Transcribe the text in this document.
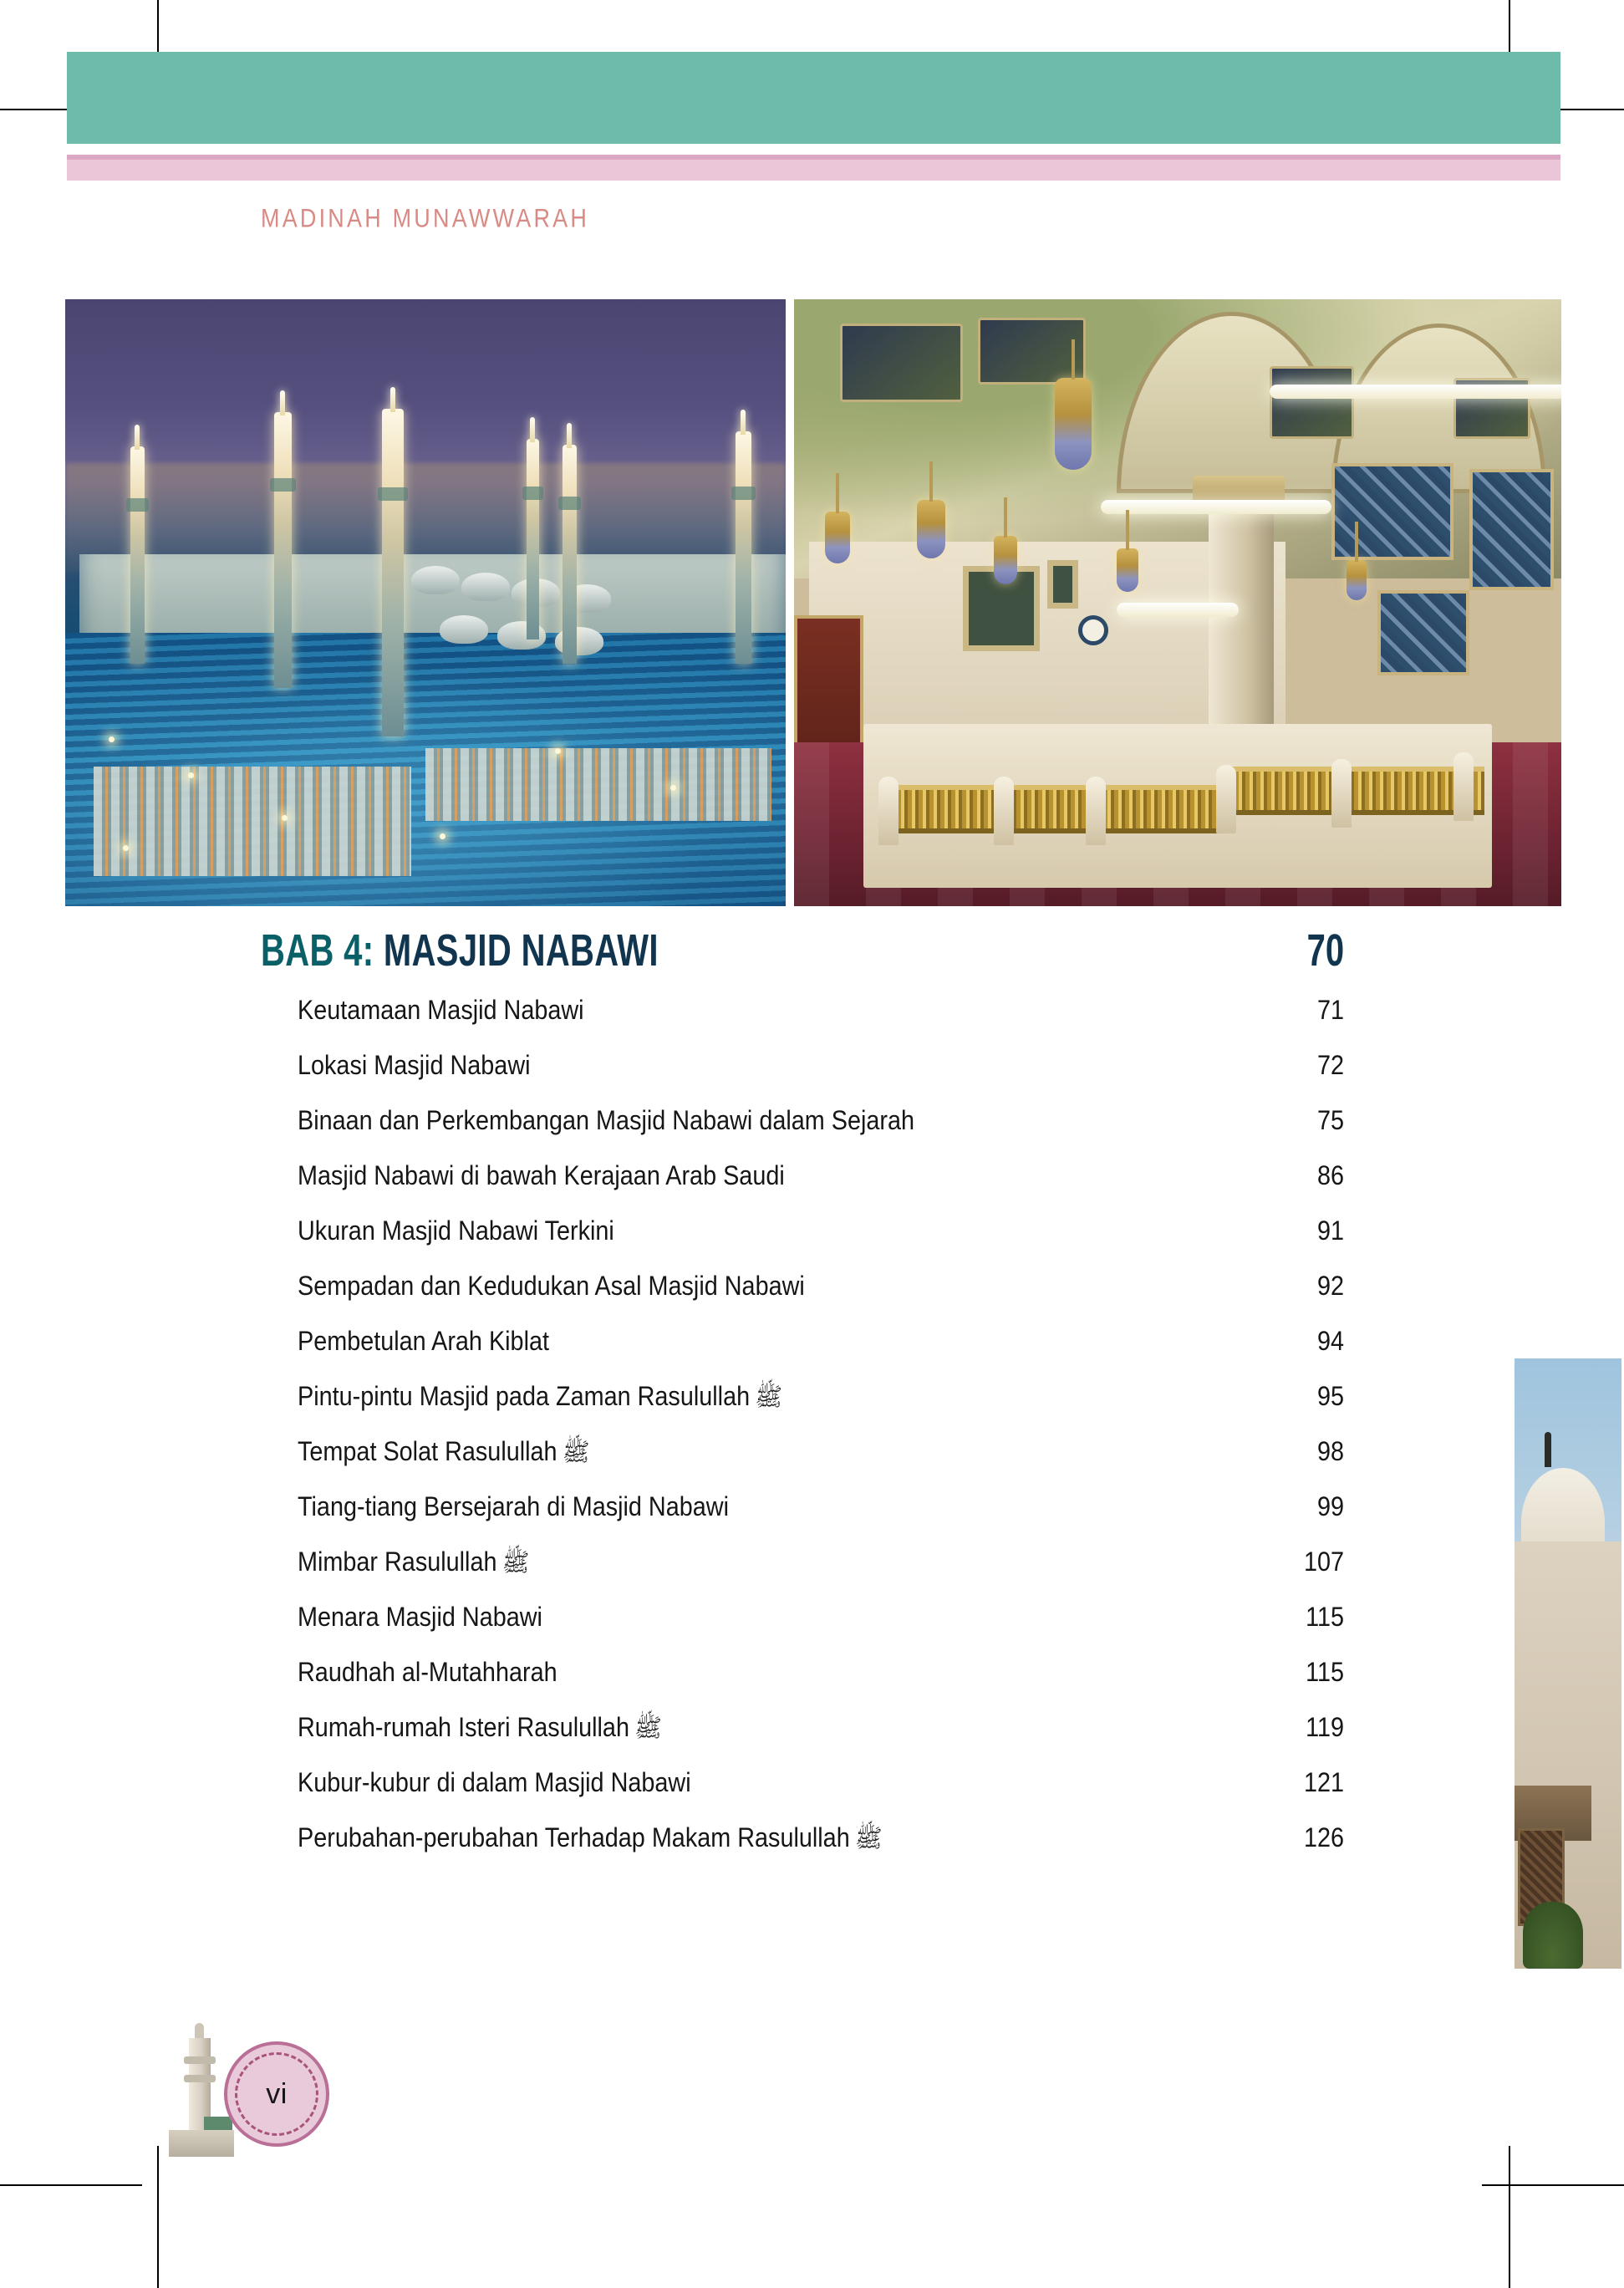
MADINAH MUNAWWARAH
BAB 4: MASJID NABAWI	70
Keutamaan Masjid Nabawi	71
Lokasi Masjid Nabawi	72
Binaan dan Perkembangan Masjid Nabawi dalam Sejarah	75
Masjid Nabawi di bawah Kerajaan Arab Saudi	86
Ukuran Masjid Nabawi Terkini	91
Sempadan dan Kedudukan Asal Masjid Nabawi	92
Pembetulan Arah Kiblat	94
Pintu-pintu Masjid pada Zaman Rasulullah ﷺ	95
Tempat Solat Rasulullah ﷺ	98
Tiang-tiang Bersejarah di Masjid Nabawi	99
Mimbar Rasulullah ﷺ	107
Menara Masjid Nabawi	115
Raudhah al-Mutahharah	115
Rumah-rumah Isteri Rasulullah ﷺ	119
Kubur-kubur di dalam Masjid Nabawi	121
Perubahan-perubahan Terhadap Makam Rasulullah ﷺ	126
vi
